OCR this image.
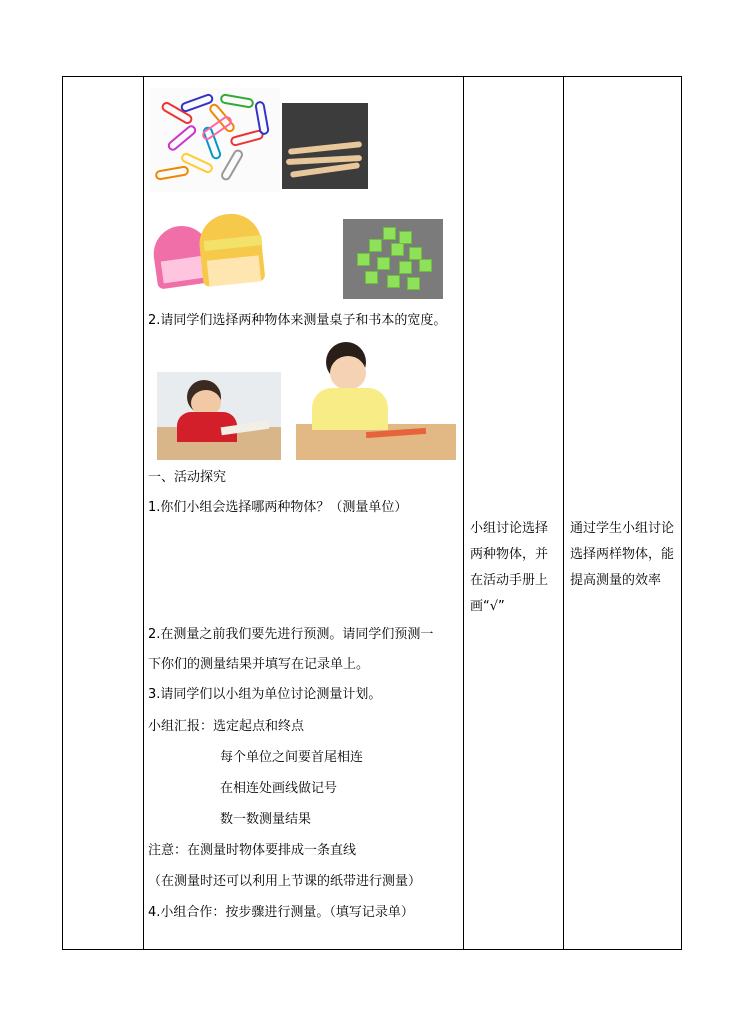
2.请同学们选择两种物体来测量桌子和书本的宽度。
一、活动探究
1.你们小组会选择哪两种物体？（测量单位）
2.在测量之前我们要先进行预测。请同学们预测一
下你们的测量结果并填写在记录单上。
3.请同学们以小组为单位讨论测量计划。
小组汇报：选定起点和终点
每个单位之间要首尾相连
在相连处画线做记号
数一数测量结果
注意：在测量时物体要排成一条直线
（在测量时还可以利用上节课的纸带进行测量）
4.小组合作：按步骤进行测量。（填写记录单）
小组讨论选择两种物体，并在活动手册上画“√”
通过学生小组讨论选择两样物体，能提高测量的效率
